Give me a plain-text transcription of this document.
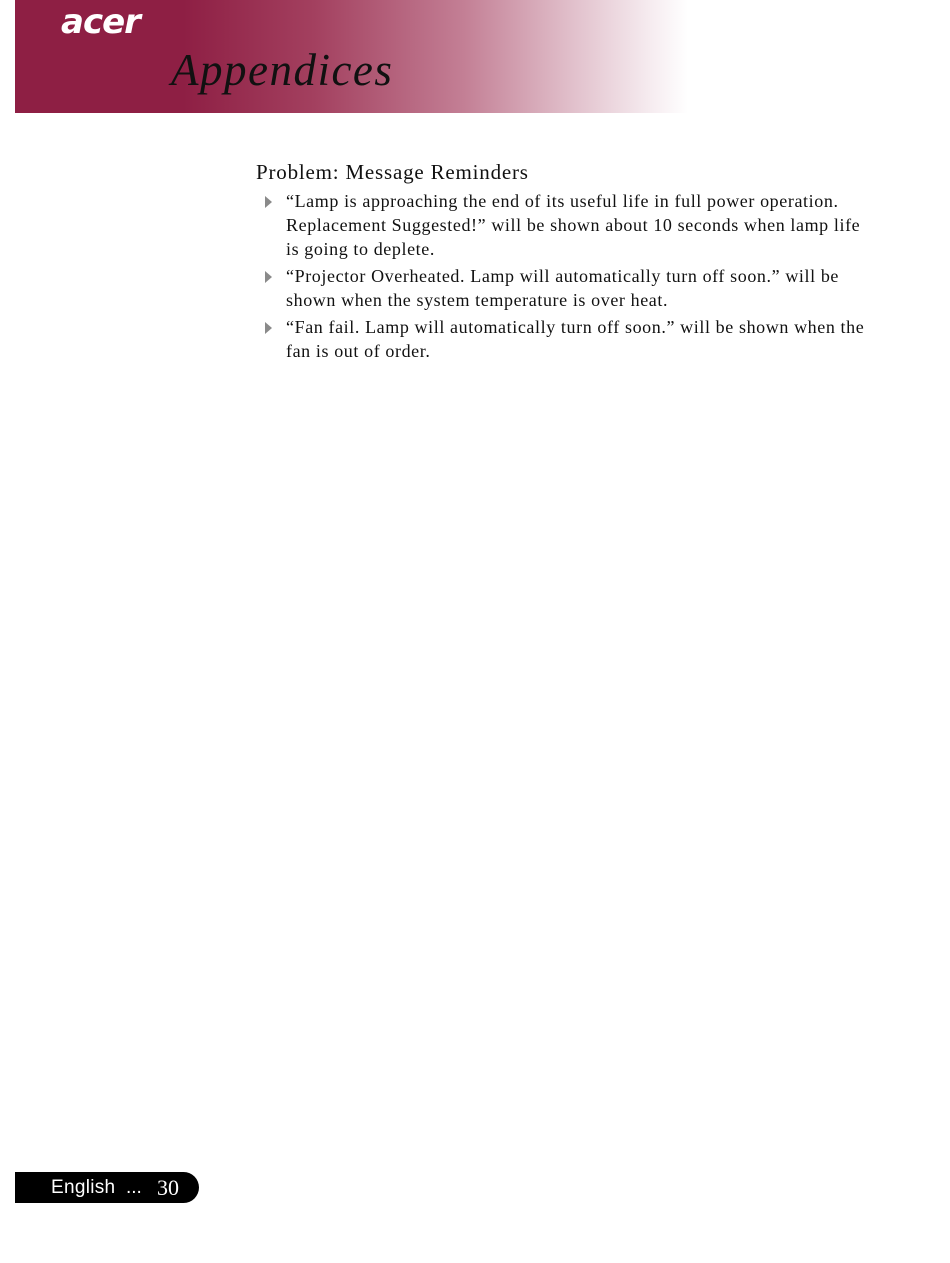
acer
Appendices
Problem: Message Reminders
“Lamp is approaching the end of its useful life in full power operation. Replacement Suggested!” will be shown about 10 seconds when lamp life is going to deplete.
“Projector Overheated. Lamp will automatically turn off soon.” will be shown when the system temperature is over heat.
“Fan fail. Lamp will automatically turn off soon.” will be shown when the fan is out of order.
English ... 30
